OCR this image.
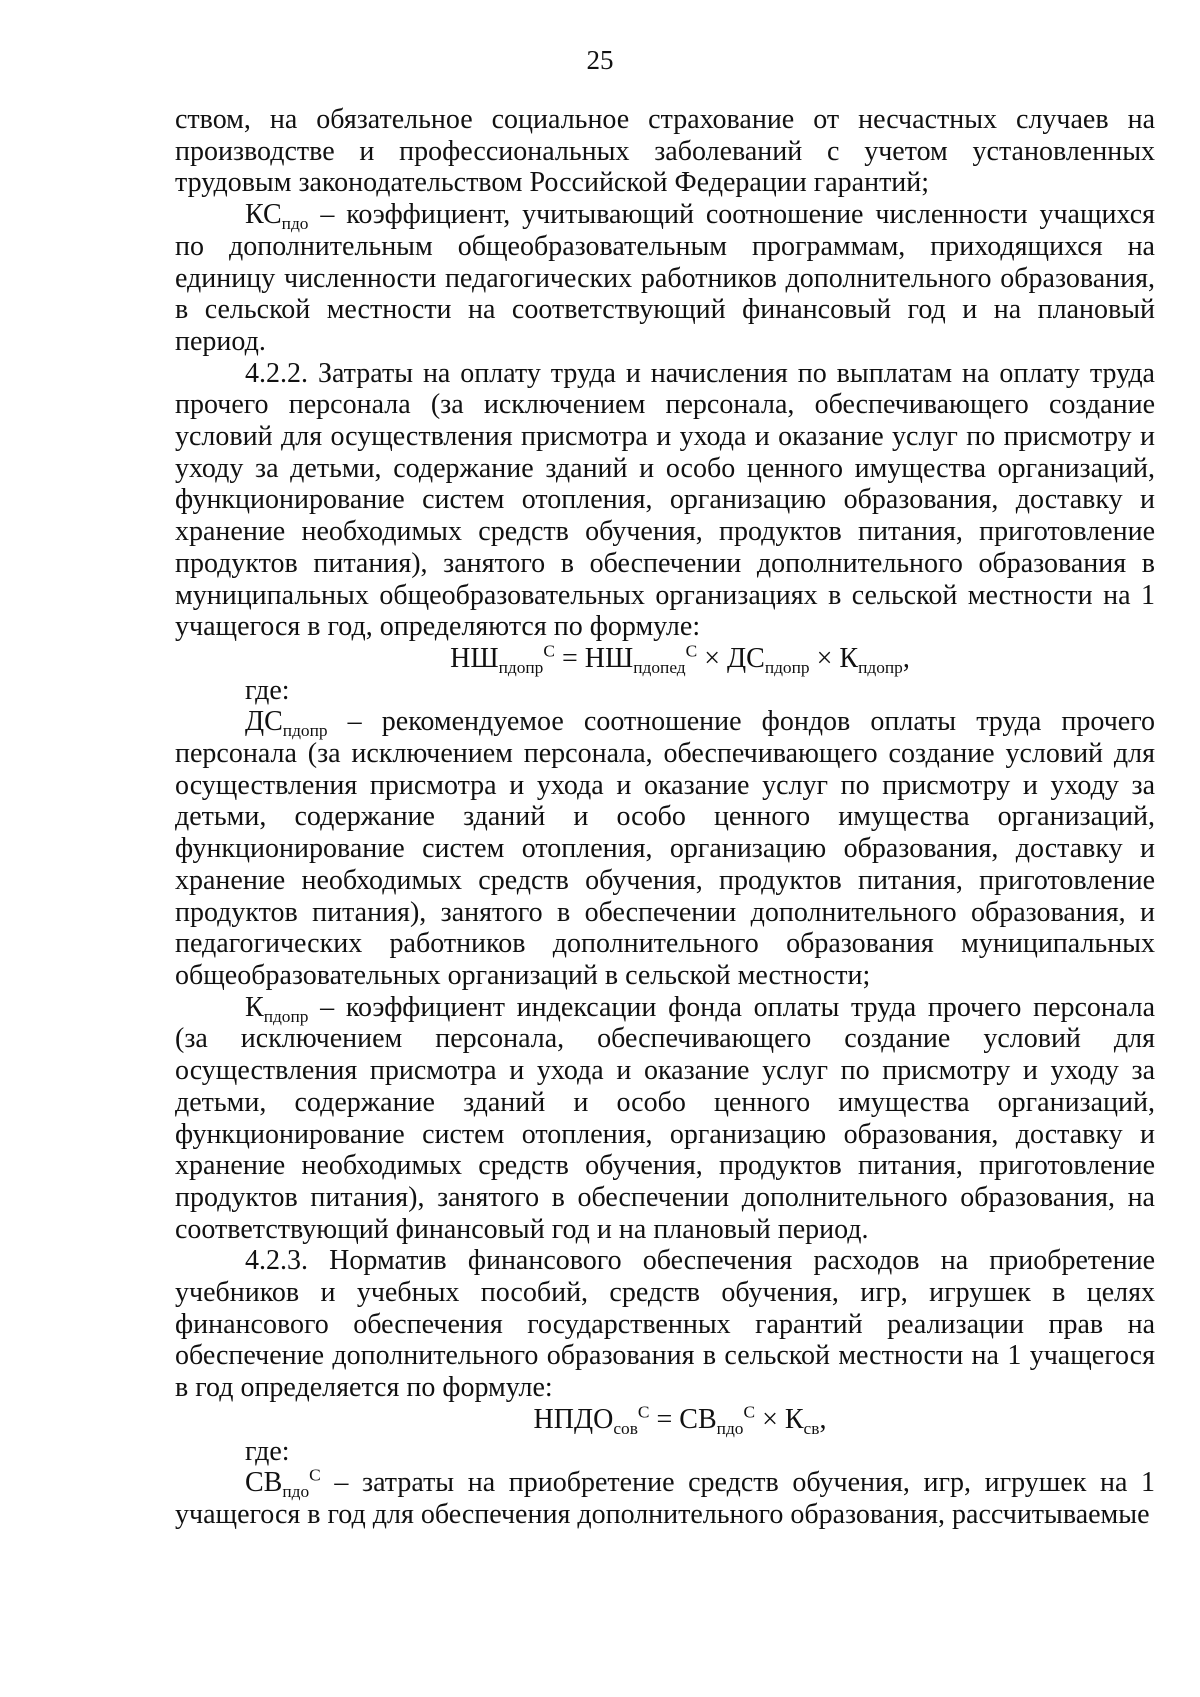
25

ством, на обязательное социальное страхование от несчастных случаев на производстве и профессиональных заболеваний с учетом установленных трудовым законодательством Российской Федерации гарантий;

$КС_{пдо}$ – коэффициент, учитывающий соотношение численности учащихся по дополнительным общеобразовательным программам, приходящихся на единицу численности педагогических работников дополнительного образования, в сельской местности на соответствующий финансовый год и на плановый период.

4.2.2. Затраты на оплату труда и начисления по выплатам на оплату труда прочего персонала (за исключением персонала, обеспечивающего создание условий для осуществления присмотра и ухода и оказание услуг по присмотру и уходу за детьми, содержание зданий и особо ценного имущества организаций, функционирование систем отопления, организацию образования, доставку и хранение необходимых средств обучения, продуктов питания, приготовление продуктов питания), занятого в обеспечении дополнительного образования в муниципальных общеобразовательных организациях в сельской местности на 1 учащегося в год, определяются по формуле:

$НШ_{пдопр}^С = НШ_{пдопед}^С \times ДС_{пдопр} \times К_{пдопр}$,

где:

$ДС_{пдопр}$ – рекомендуемое соотношение фондов оплаты труда прочего персонала (за исключением персонала, обеспечивающего создание условий для осуществления присмотра и ухода и оказание услуг по присмотру и уходу за детьми, содержание зданий и особо ценного имущества организаций, функционирование систем отопления, организацию образования, доставку и хранение необходимых средств обучения, продуктов питания, приготовление продуктов питания), занятого в обеспечении дополнительного образования, и педагогических работников дополнительного образования муниципальных общеобразовательных организаций в сельской местности;

$К_{пдопр}$ – коэффициент индексации фонда оплаты труда прочего персонала (за исключением персонала, обеспечивающего создание условий для осуществления присмотра и ухода и оказание услуг по присмотру и уходу за детьми, содержание зданий и особо ценного имущества организаций, функционирование систем отопления, организацию образования, доставку и хранение необходимых средств обучения, продуктов питания, приготовление продуктов питания), занятого в обеспечении дополнительного образования, на соответствующий финансовый год и на плановый период.

4.2.3. Норматив финансового обеспечения расходов на приобретение учебников и учебных пособий, средств обучения, игр, игрушек в целях финансового обеспечения государственных гарантий реализации прав на обеспечение дополнительного образования в сельской местности на 1 учащегося в год определяется по формуле:

$НПДО_{сов}^С = СВ_{пдо}^С \times К_{св}$,

где:

$СВ_{пдо}^С$ – затраты на приобретение средств обучения, игр, игрушек на 1 учащегося в год для обеспечения дополнительного образования, рассчитываемые
